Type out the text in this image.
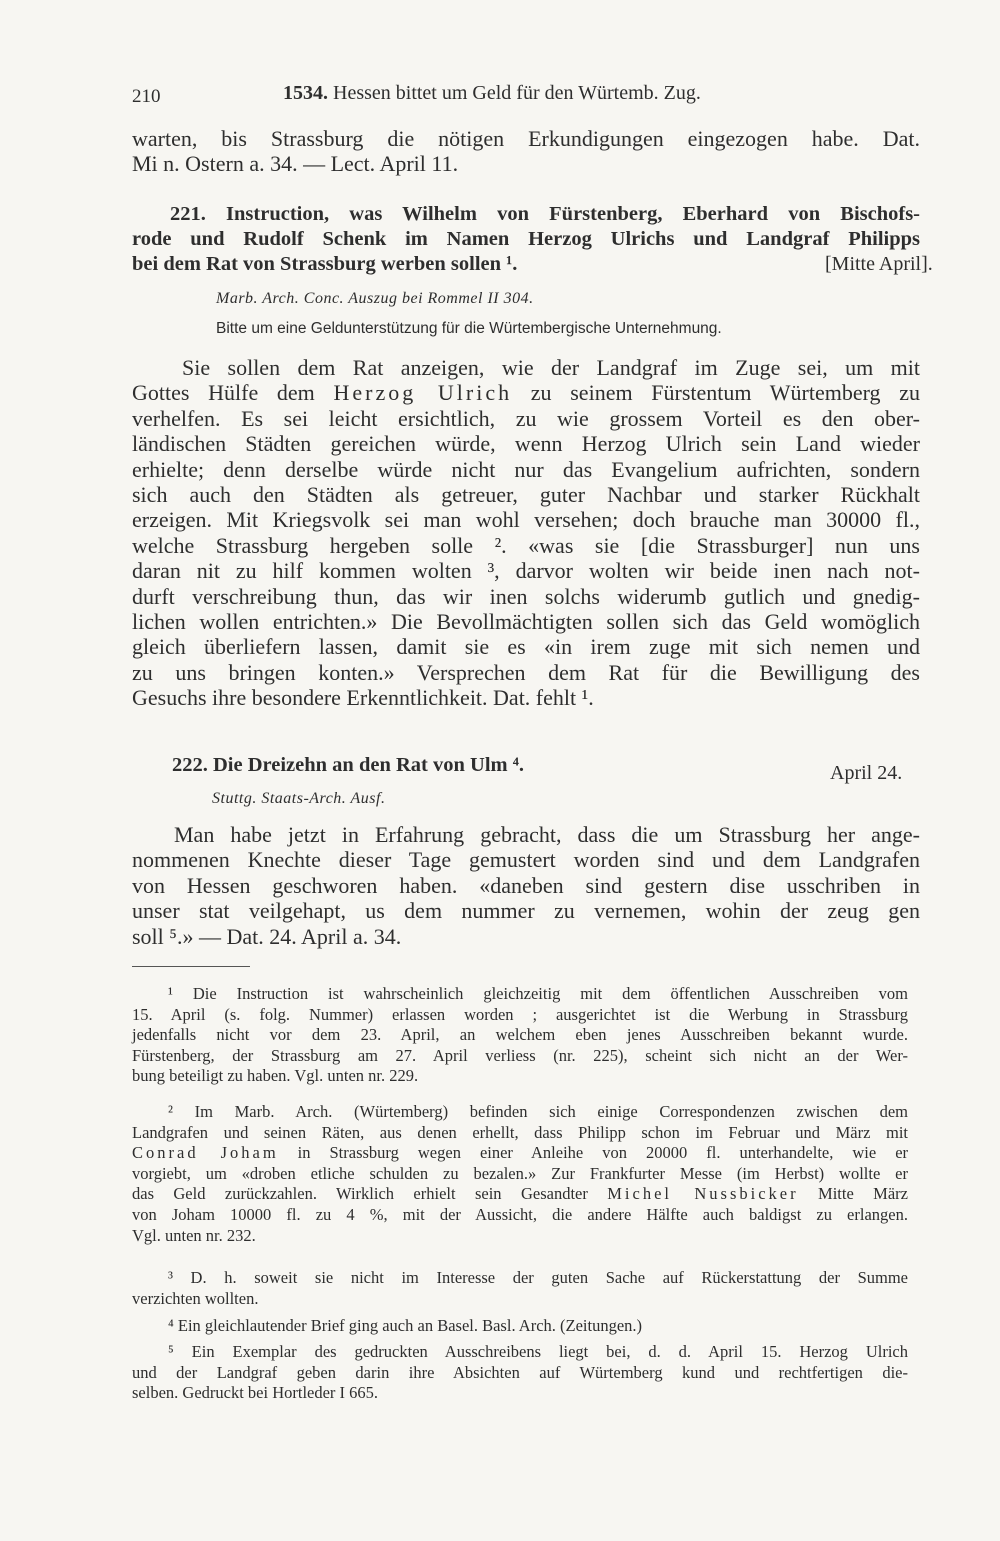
210	1534. Hessen bittet um Geld für den Würtemb. Zug.
warten, bis Strassburg die nötigen Erkundigungen eingezogen habe. Dat.
Mi n. Ostern a. 34. — Lect. April 11.
221. Instruction, was Wilhelm von Fürstenberg, Eberhard von Bischofs-
rode und Rudolf Schenk im Namen Herzog Ulrichs und Landgraf Philipps
bei dem Rat von Strassburg werben sollen ¹.	[Mitte April].
Marb. Arch. Conc. Auszug bei Rommel II 304.
Bitte um eine Geldunterstützung für die Würtembergische Unternehmung.
Sie sollen dem Rat anzeigen, wie der Landgraf im Zuge sei, um mit
Gottes Hülfe dem Herzog Ulrich zu seinem Fürstentum Würtemberg zu
verhelfen. Es sei leicht ersichtlich, zu wie grossem Vorteil es den ober-
ländischen Städten gereichen würde, wenn Herzog Ulrich sein Land wieder
erhielte; denn derselbe würde nicht nur das Evangelium aufrichten, sondern
sich auch den Städten als getreuer, guter Nachbar und starker Rückhalt
erzeigen. Mit Kriegsvolk sei man wohl versehen; doch brauche man 30000 fl.,
welche Strassburg hergeben solle ². «was sie [die Strassburger] nun uns
daran nit zu hilf kommen wolten ³, darvor wolten wir beide inen nach not-
durft verschreibung thun, das wir inen solchs widerumb gutlich und gnedig-
lichen wollen entrichten.» Die Bevollmächtigten sollen sich das Geld womöglich
gleich überliefern lassen, damit sie es «in irem zuge mit sich nemen und
zu uns bringen konten.» Versprechen dem Rat für die Bewilligung des
Gesuchs ihre besondere Erkenntlichkeit. Dat. fehlt ¹.
222. Die Dreizehn an den Rat von Ulm ⁴.	April 24.
Stuttg. Staats-Arch. Ausf.
Man habe jetzt in Erfahrung gebracht, dass die um Strassburg her ange-
nommenen Knechte dieser Tage gemustert worden sind und dem Landgrafen
von Hessen geschworen haben. «daneben sind gestern dise usschriben in
unser stat veilgehapt, us dem nummer zu vernemen, wohin der zeug gen
soll ⁵.» — Dat. 24. April a. 34.
¹ Die Instruction ist wahrscheinlich gleichzeitig mit dem öffentlichen Ausschreiben vom
15. April (s. folg. Nummer) erlassen worden ; ausgerichtet ist die Werbung in Strassburg
jedenfalls nicht vor dem 23. April, an welchem eben jenes Ausschreiben bekannt wurde.
Fürstenberg, der Strassburg am 27. April verliess (nr. 225), scheint sich nicht an der Wer-
bung beteiligt zu haben. Vgl. unten nr. 229.
² Im Marb. Arch. (Würtemberg) befinden sich einige Correspondenzen zwischen dem
Landgrafen und seinen Räten, aus denen erhellt, dass Philipp schon im Februar und März mit
Conrad Joham in Strassburg wegen einer Anleihe von 20000 fl. unterhandelte, wie er
vorgiebt, um «droben etliche schulden zu bezalen.» Zur Frankfurter Messe (im Herbst) wollte er
das Geld zurückzahlen. Wirklich erhielt sein Gesandter Michel Nussbicker Mitte März
von Joham 10000 fl. zu 4 %, mit der Aussicht, die andere Hälfte auch baldigst zu erlangen.
Vgl. unten nr. 232.
³ D. h. soweit sie nicht im Interesse der guten Sache auf Rückerstattung der Summe
verzichten wollten.
⁴ Ein gleichlautender Brief ging auch an Basel. Basl. Arch. (Zeitungen.)
⁵ Ein Exemplar des gedruckten Ausschreibens liegt bei, d. d. April 15. Herzog Ulrich
und der Landgraf geben darin ihre Absichten auf Würtemberg kund und rechtfertigen die-
selben. Gedruckt bei Hortleder I 665.
